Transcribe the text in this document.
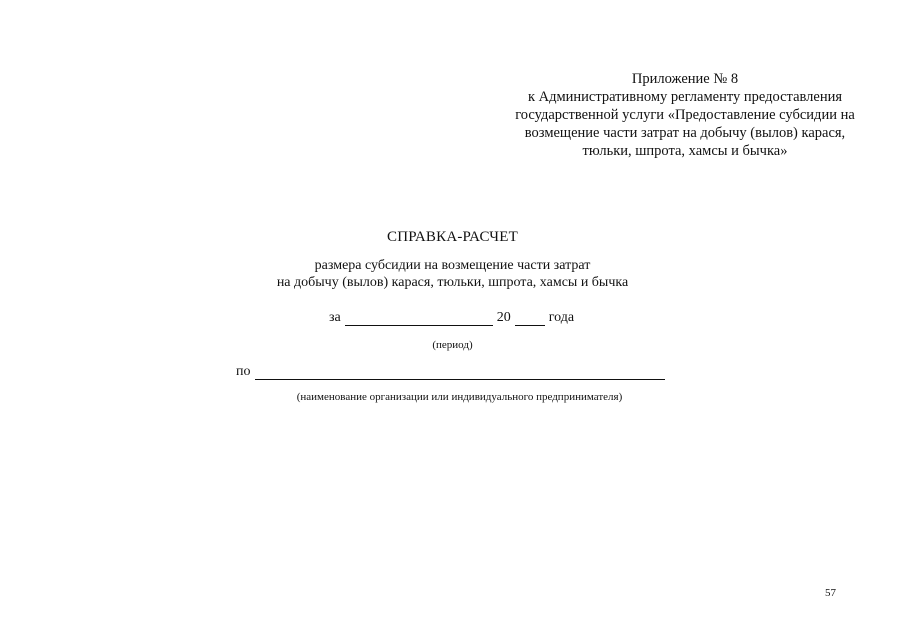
Приложение № 8
к Административному регламенту предоставления
государственной услуги «Предоставление субсидии на
возмещение части затрат на добычу (вылов) карася,
тюльки, шпрота, хамсы и бычка»
СПРАВКА-РАСЧЕТ
размера субсидии на возмещение части затрат
на добычу (вылов) карася, тюльки, шпрота, хамсы и бычка
за	20	года
(период)
по
(наименование организации или индивидуального предпринимателя)
57
